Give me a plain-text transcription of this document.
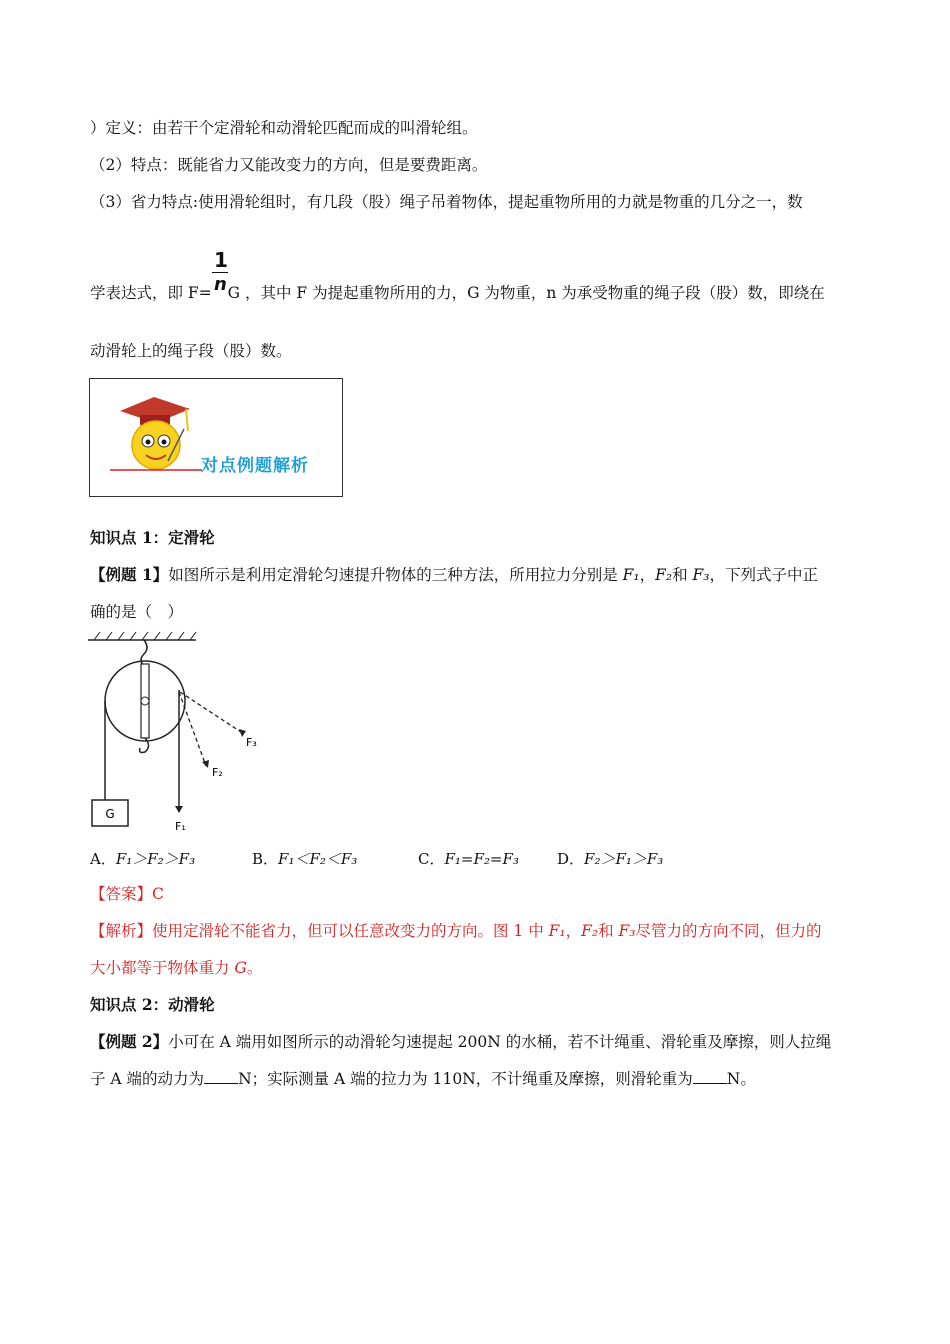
）定义：由若干个定滑轮和动滑轮匹配而成的叫滑轮组。
（2）特点：既能省力又能改变力的方向，但是要费距离。
（3）省力特点:使用滑轮组时，有几段（股）绳子吊着物体，提起重物所用的力就是物重的几分之一，数
1
n
学表达式，即 F= G ，其中 F 为提起重物所用的力，G 为物重，n 为承受物重的绳子段（股）数，即绕在
动滑轮上的绳子段（股）数。
对点例题解析
知识点 1：定滑轮
【例题 1】如图所示是利用定滑轮匀速提升物体的三种方法，所用拉力分别是 F₁，F₂和 F₃，下列式子中正
确的是（　）
G
F₁
F₂
F₃
A．F₁＞F₂＞F₃	B．F₁＜F₂＜F₃	C．F₁=F₂=F₃	D．F₂＞F₁＞F₃
【答案】C
【解析】使用定滑轮不能省力，但可以任意改变力的方向。图 1 中 F₁，F₂和 F₃尽管力的方向不同，但力的
大小都等于物体重力 G。
知识点 2：动滑轮
【例题 2】小可在 A 端用如图所示的动滑轮匀速提起 200N 的水桶，若不计绳重、滑轮重及摩擦，则人拉绳
子 A 端的动力为 N；实际测量 A 端的拉力为 110N，不计绳重及摩擦，则滑轮重为 N。
